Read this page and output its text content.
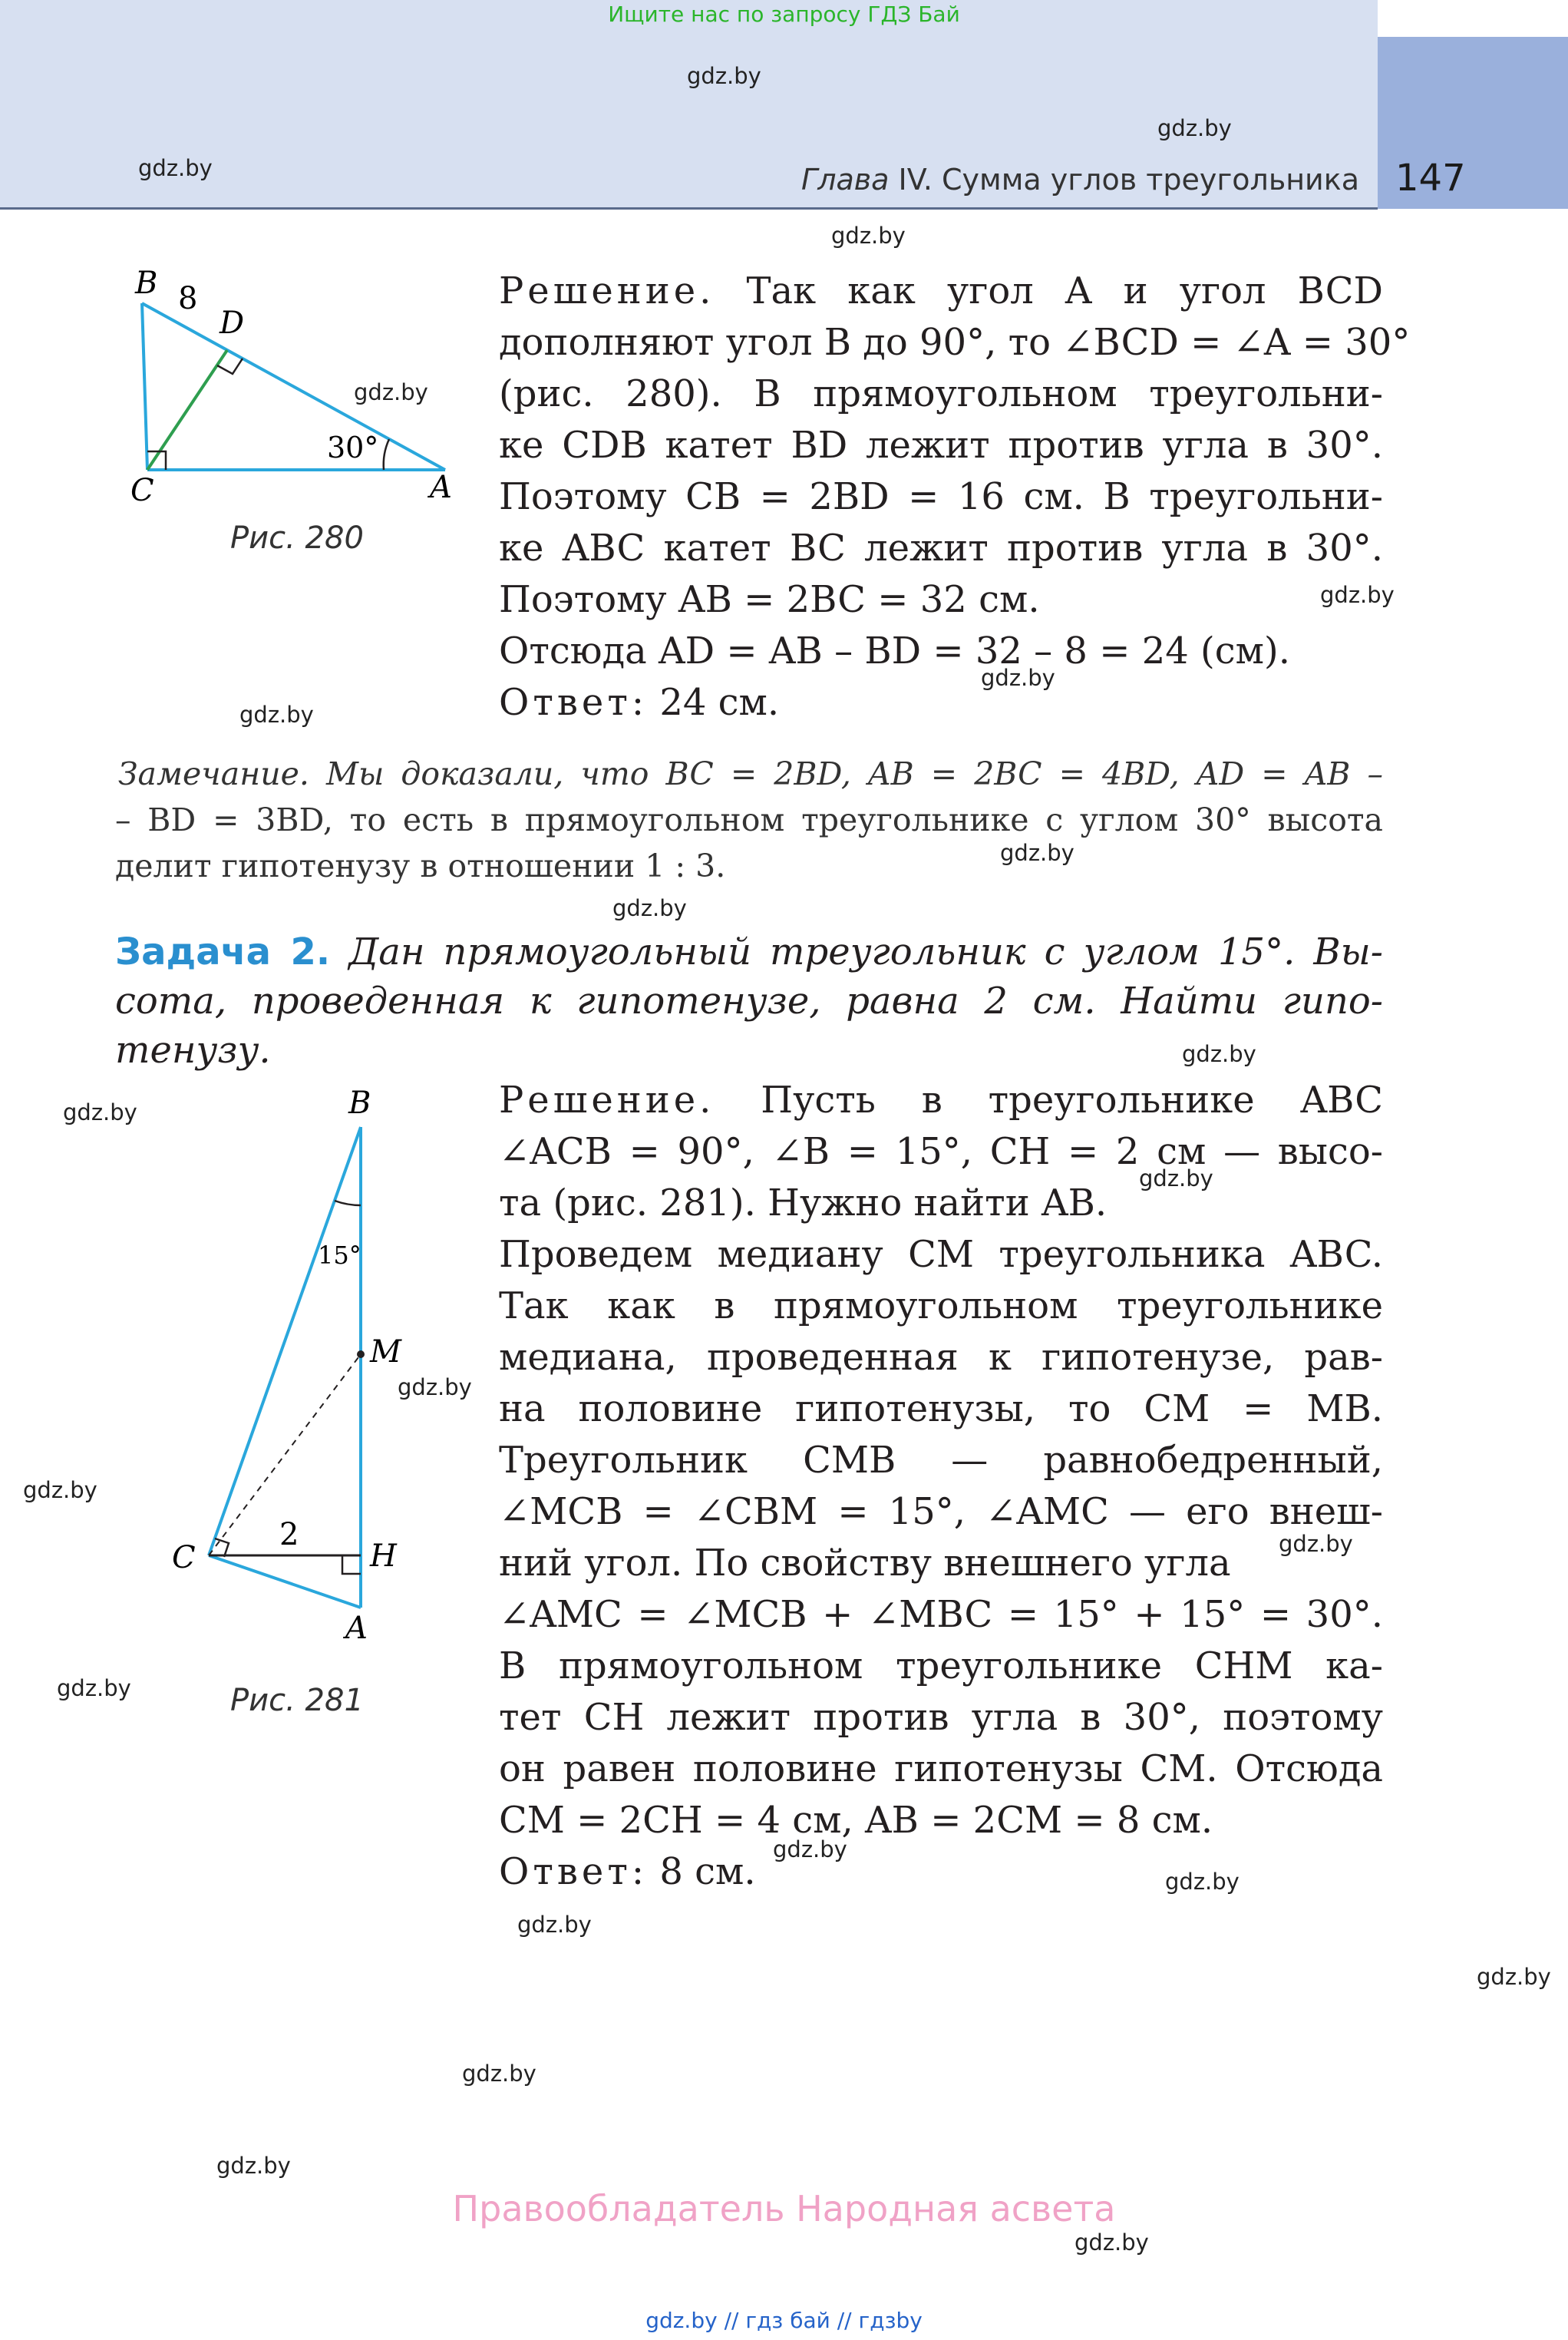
Ищите нас по запросу ГДЗ Бай
Глава IV. Сумма углов треугольника 147
gdz.by
gdz.by
gdz.by
gdz.by
gdz.by
gdz.by
gdz.by
gdz.by
gdz.by
gdz.by
gdz.by
gdz.by
gdz.by
gdz.by
gdz.by
gdz.by
gdz.by
gdz.by
gdz.by
gdz.by
gdz.by
gdz.by
gdz.by
gdz.by
B 8
D
C	A
30°
Рис. 280
Решение. Так как угол A и угол BCD
дополняют угол B до 90°, то ∠BCD = ∠A = 30°
(рис. 280). В прямоугольном треугольни-
ке CDB катет BD лежит против угла в 30°.
Поэтому CB = 2BD = 16 см. В треугольни-
ке ABC катет BC лежит против угла в 30°.
Поэтому AB = 2BC = 32 см.
Отсюда AD = AB – BD = 32 – 8 = 24 (см).
Ответ: 24 см.
Замечание. Мы доказали, что BC = 2BD, AB = 2BC = 4BD, AD = AB –
– BD = 3BD, то есть в прямоугольном треугольнике с углом 30° высота
делит гипотенузу в отношении 1 : 3.
Задача 2. Дан прямоугольный треугольник с углом 15°. Вы-
сота, проведенная к гипотенузе, равна 2 см. Найти гипо-
тенузу.
B
15°
M
2
C	H
A
Рис. 281
Решение. Пусть в треугольнике ABC
∠ACB = 90°, ∠B = 15°, CH = 2 см — высо-
та (рис. 281). Нужно найти AB.
Проведем медиану CM треугольника ABC.
Так как в прямоугольном треугольнике
медиана, проведенная к гипотенузе, рав-
на половине гипотенузы, то CM = MB.
Треугольник CMB — равнобедренный,
∠MCB = ∠CBM = 15°, ∠AMC — его внеш-
ний угол. По свойству внешнего угла
∠AMC = ∠MCB + ∠MBC = 15° + 15° = 30°.
В прямоугольном треугольнике CHM ка-
тет CH лежит против угла в 30°, поэтому
он равен половине гипотенузы CM. Отсюда
CM = 2CH = 4 см, AB = 2CM = 8 см.
Ответ: 8 см.
Правообладатель Народная асвета
gdz.by // гдз бай // гдзby
